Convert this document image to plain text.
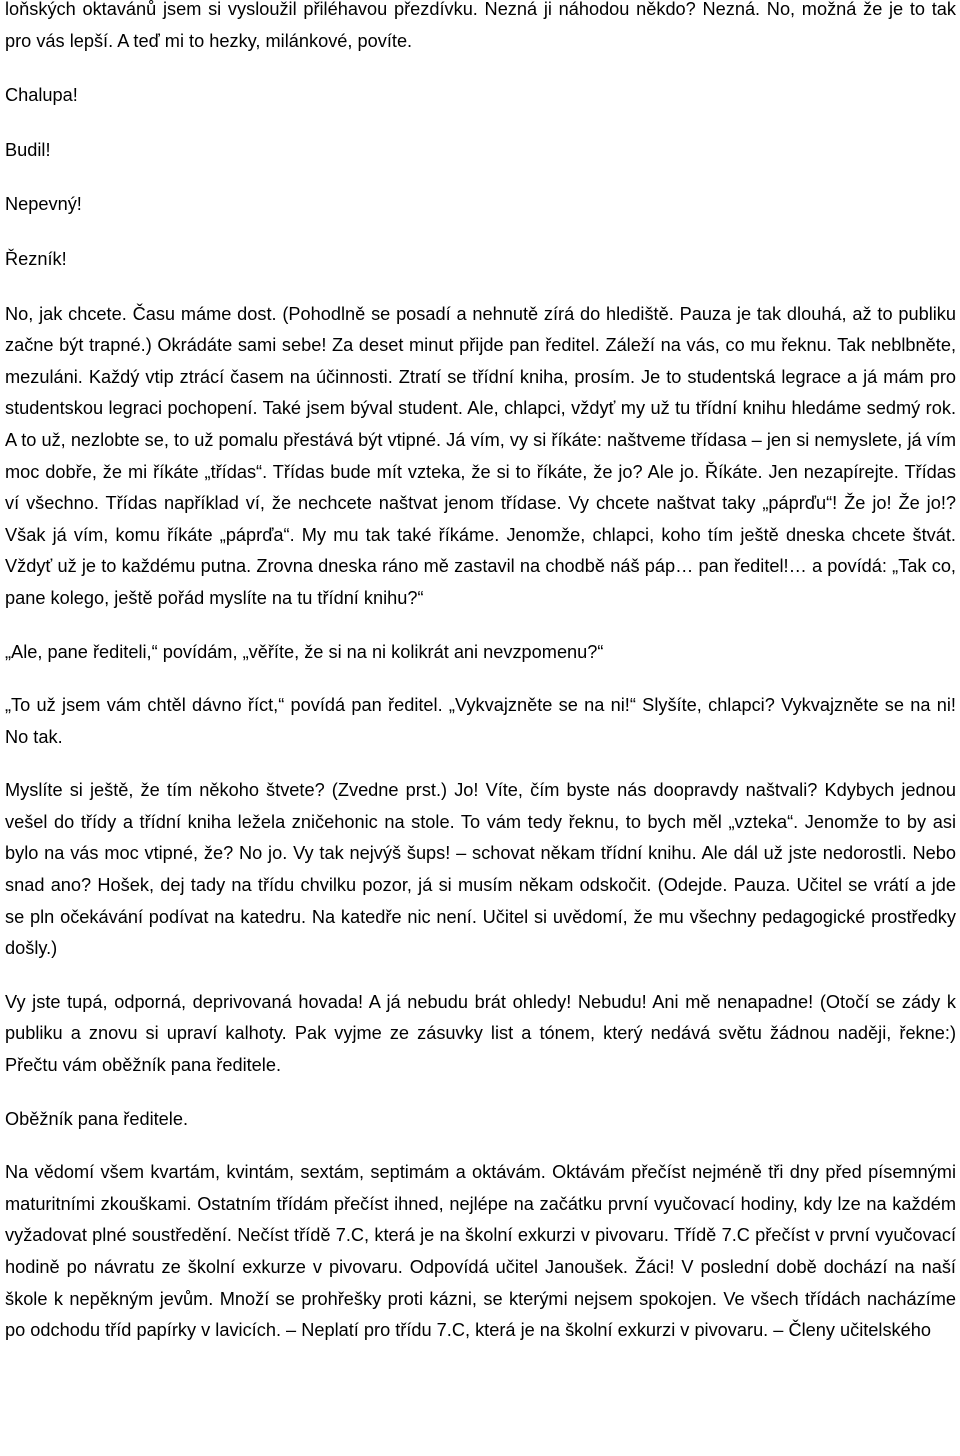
loňských oktavánů jsem si vysloužil přiléhavou přezdívku. Nezná ji náhodou někdo? Nezná. No, možná že je to tak pro vás lepší. A teď mi to hezky, milánkové, povíte.

Chalupa!

Budil!

Nepevný!

Řezník!

No, jak chcete. Času máme dost. (Pohodlně se posadí a nehnutě zírá do hlediště. Pauza je tak dlouhá, až to publiku začne být trapné.) Okrádáte sami sebe! Za deset minut přijde pan ředitel. Záleží na vás, co mu řeknu. Tak neblbněte, mezuláni. Každý vtip ztrácí časem na účinnosti. Ztratí se třídní kniha, prosím. Je to studentská legrace a já mám pro studentskou legraci pochopení. Také jsem býval student. Ale, chlapci, vždyť my už tu třídní knihu hledáme sedmý rok. A to už, nezlobte se, to už pomalu přestává být vtipné. Já vím, vy si říkáte: naštveme třídasa – jen si nemyslete, já vím moc dobře, že mi říkáte „třídas“. Třídas bude mít vzteka, že si to říkáte, že jo? Ale jo. Říkáte. Jen nezapírejte. Třídas ví všechno. Třídas například ví, že nechcete naštvat jenom třídase. Vy chcete naštvat taky „páprďu“! Že jo! Že jo!? Však já vím, komu říkáte „páprďa“. My mu tak také říkáme. Jenomže, chlapci, koho tím ještě dneska chcete štvát. Vždyť už je to každému putna. Zrovna dneska ráno mě zastavil na chodbě náš páp… pan ředitel!… a povídá: „Tak co, pane kolego, ještě pořád myslíte na tu třídní knihu?“

„Ale, pane řediteli,“ povídám, „věříte, že si na ni kolikrát ani nevzpomenu?“

„To už jsem vám chtěl dávno říct,“ povídá pan ředitel. „Vykvajzněte se na ni!“ Slyšíte, chlapci? Vykvajzněte se na ni! No tak.

Myslíte si ještě, že tím někoho štvete? (Zvedne prst.) Jo! Víte, čím byste nás doopravdy naštvali? Kdybych jednou vešel do třídy a třídní kniha ležela zničehonic na stole. To vám tedy řeknu, to bych měl „vzteka“. Jenomže to by asi bylo na vás moc vtipné, že? No jo. Vy tak nejvýš šups! – schovat někam třídní knihu. Ale dál už jste nedorostli. Nebo snad ano? Hošek, dej tady na třídu chvilku pozor, já si musím někam odskočit. (Odejde. Pauza. Učitel se vrátí a jde se pln očekávání podívat na katedru. Na katedře nic není. Učitel si uvědomí, že mu všechny pedagogické prostředky došly.)

Vy jste tupá, odporná, deprivovaná hovada! A já nebudu brát ohledy! Nebudu! Ani mě nenapadne! (Otočí se zády k publiku a znovu si upraví kalhoty. Pak vyjme ze zásuvky list a tónem, který nedává světu žádnou naději, řekne:) Přečtu vám oběžník pana ředitele.

Oběžník pana ředitele.

Na vědomí všem kvartám, kvintám, sextám, septimám a oktávám. Oktávám přečíst nejméně tři dny před písemnými maturitními zkouškami. Ostatním třídám přečíst ihned, nejlépe na začátku první vyučovací hodiny, kdy lze na každém vyžadovat plné soustředění. Nečíst třídě 7.C, která je na školní exkurzi v pivovaru. Třídě 7.C přečíst v první vyučovací hodině po návratu ze školní exkurze v pivovaru. Odpovídá učitel Janoušek. Žáci! V poslední době dochází na naší škole k nepěkným jevům. Množí se prohřešky proti kázni, se kterými nejsem spokojen. Ve všech třídách nacházíme po odchodu tříd papírky v lavicích. – Neplatí pro třídu 7.C, která je na školní exkurzi v pivovaru. – Členy učitelského
